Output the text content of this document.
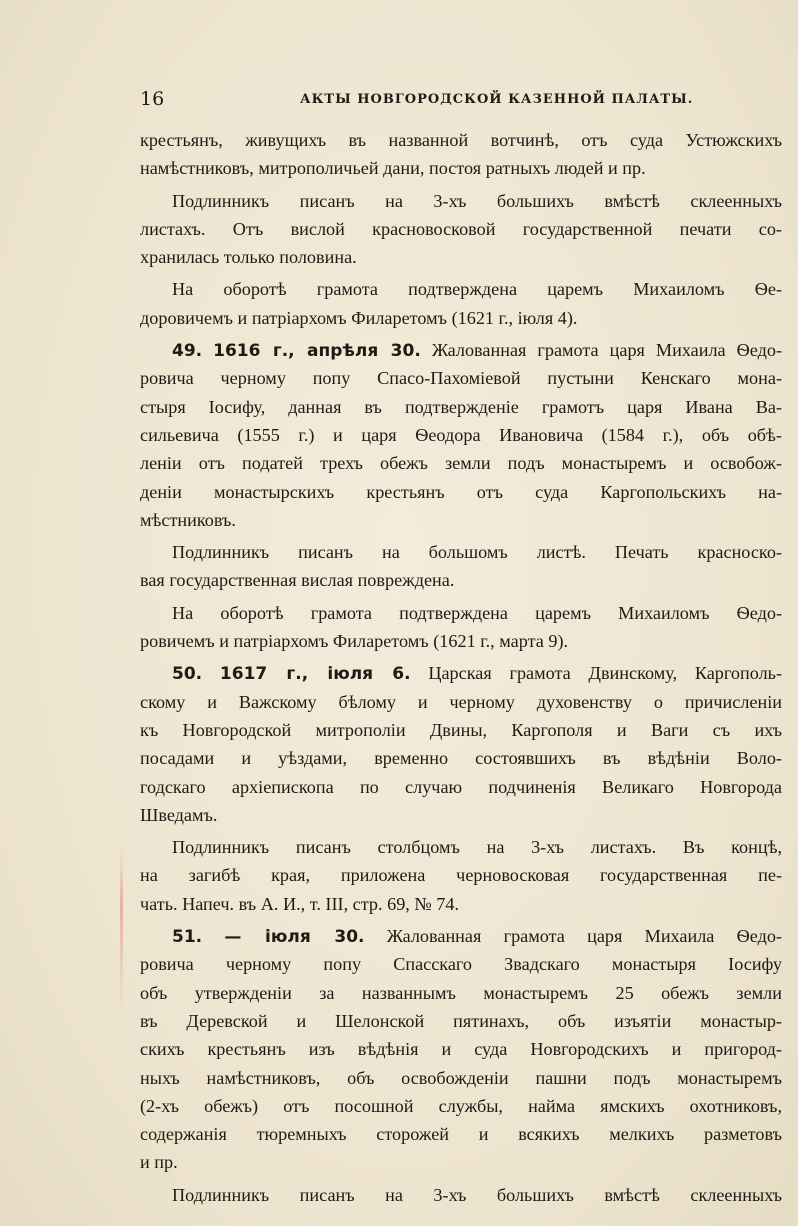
16	АКТЫ НОВГОРОДСКОЙ КАЗЕННОЙ ПАЛАТЫ.
крестьянъ, живущихъ въ названной вотчинѣ, отъ суда Устюжскихъ
намѣстниковъ, митрополичьей дани, постоя ратныхъ людей и пр.
Подлинникъ писанъ на 3-хъ большихъ вмѣстѣ склеенныхъ
листахъ. Отъ вислой красновосковой государственной печати со-
хранилась только половина.
На оборотѣ грамота подтверждена царемъ Михаиломъ Ѳе-
доровичемъ и патріархомъ Филаретомъ (1621 г., іюля 4).
49. 1616 г., апрѣля 30. Жалованная грамота царя Михаила Ѳедо-
ровича черному попу Спасо-Пахоміевой пустыни Кенскаго мона-
стыря Іосифу, данная въ подтвержденіе грамотъ царя Ивана Ва-
сильевича (1555 г.) и царя Ѳеодора Ивановича (1584 г.), объ обѣ-
леніи отъ податей трехъ обежъ земли подъ монастыремъ и освобож-
деніи монастырскихъ крестьянъ отъ суда Каргопольскихъ на-
мѣстниковъ.
Подлинникъ писанъ на большомъ листѣ. Печать красноско-
вая государственная вислая повреждена.
На оборотѣ грамота подтверждена царемъ Михаиломъ Ѳедо-
ровичемъ и патріархомъ Филаретомъ (1621 г., марта 9).
50. 1617 г., іюля 6. Царская грамота Двинскому, Каргополь-
скому и Важскому бѣлому и черному духовенству о причисленіи
къ Новгородской митрополіи Двины, Каргополя и Ваги съ ихъ
посадами и уѣздами, временно состоявшихъ въ вѣдѣніи Воло-
годскаго архіепископа по случаю подчиненія Великаго Новгорода
Шведамъ.
Подлинникъ писанъ столбцомъ на 3-хъ листахъ. Въ концѣ,
на загибѣ края, приложена черновосковая государственная пе-
чать. Напеч. въ А. И., т. III, стр. 69, № 74.
51. — іюля 30. Жалованная грамота царя Михаила Ѳедо-
ровича черному попу Спасскаго Звадскаго монастыря Іосифу
объ утвержденіи за названнымъ монастыремъ 25 обежъ земли
въ Деревской и Шелонской пятинахъ, объ изъятіи монастыр-
скихъ крестьянъ изъ вѣдѣнія и суда Новгородскихъ и пригород-
ныхъ намѣстниковъ, объ освобожденіи пашни подъ монастыремъ
(2-хъ обежъ) отъ посошной службы, найма ямскихъ охотниковъ,
содержанія тюремныхъ сторожей и всякихъ мелкихъ разметовъ
и пр.
Подлинникъ писанъ на 3-хъ большихъ вмѣстѣ склеенныхъ
